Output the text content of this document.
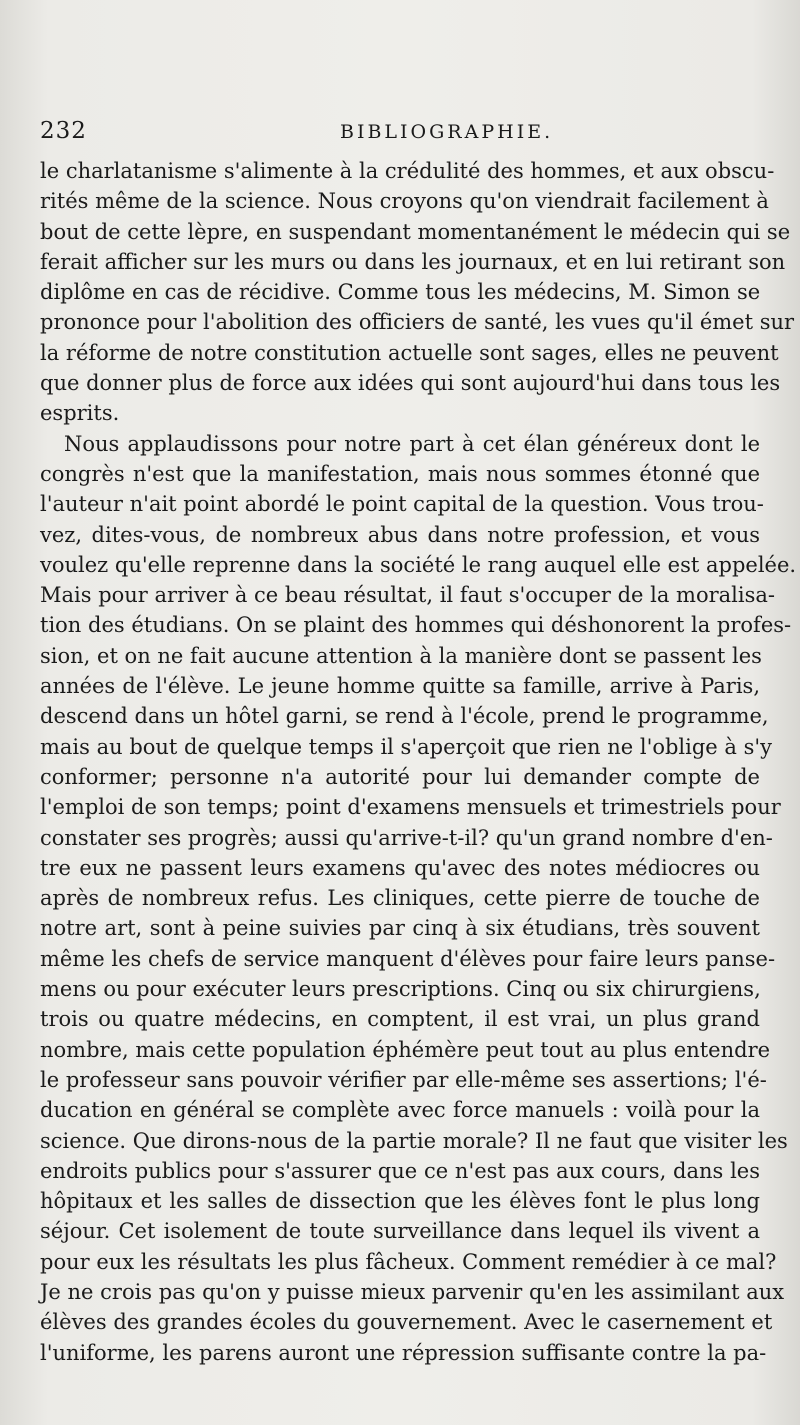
232	BIBLIOGRAPHIE.
le charlatanisme s'alimente à la crédulité des hommes, et aux obscu-
rités même de la science. Nous croyons qu'on viendrait facilement à
bout de cette lèpre, en suspendant momentanément le médecin qui se
ferait afficher sur les murs ou dans les journaux, et en lui retirant son
diplôme en cas de récidive. Comme tous les médecins, M. Simon se
prononce pour l'abolition des officiers de santé, les vues qu'il émet sur
la réforme de notre constitution actuelle sont sages, elles ne peuvent
que donner plus de force aux idées qui sont aujourd'hui dans tous les
esprits.
Nous applaudissons pour notre part à cet élan généreux dont le
congrès n'est que la manifestation, mais nous sommes étonné que
l'auteur n'ait point abordé le point capital de la question. Vous trou-
vez, dites-vous, de nombreux abus dans notre profession, et vous
voulez qu'elle reprenne dans la société le rang auquel elle est appelée.
Mais pour arriver à ce beau résultat, il faut s'occuper de la moralisa-
tion des étudians. On se plaint des hommes qui déshonorent la profes-
sion, et on ne fait aucune attention à la manière dont se passent les
années de l'élève. Le jeune homme quitte sa famille, arrive à Paris,
descend dans un hôtel garni, se rend à l'école, prend le programme,
mais au bout de quelque temps il s'aperçoit que rien ne l'oblige à s'y
conformer; personne n'a autorité pour lui demander compte de
l'emploi de son temps; point d'examens mensuels et trimestriels pour
constater ses progrès; aussi qu'arrive-t-il? qu'un grand nombre d'en-
tre eux ne passent leurs examens qu'avec des notes médiocres ou
après de nombreux refus. Les cliniques, cette pierre de touche de
notre art, sont à peine suivies par cinq à six étudians, très souvent
même les chefs de service manquent d'élèves pour faire leurs panse-
mens ou pour exécuter leurs prescriptions. Cinq ou six chirurgiens,
trois ou quatre médecins, en comptent, il est vrai, un plus grand
nombre, mais cette population éphémère peut tout au plus entendre
le professeur sans pouvoir vérifier par elle-même ses assertions; l'é-
ducation en général se complète avec force manuels : voilà pour la
science. Que dirons-nous de la partie morale? Il ne faut que visiter les
endroits publics pour s'assurer que ce n'est pas aux cours, dans les
hôpitaux et les salles de dissection que les élèves font le plus long
séjour. Cet isolement de toute surveillance dans lequel ils vivent a
pour eux les résultats les plus fâcheux. Comment remédier à ce mal?
Je ne crois pas qu'on y puisse mieux parvenir qu'en les assimilant aux
élèves des grandes écoles du gouvernement. Avec le casernement et
l'uniforme, les parens auront une répression suffisante contre la pa-
